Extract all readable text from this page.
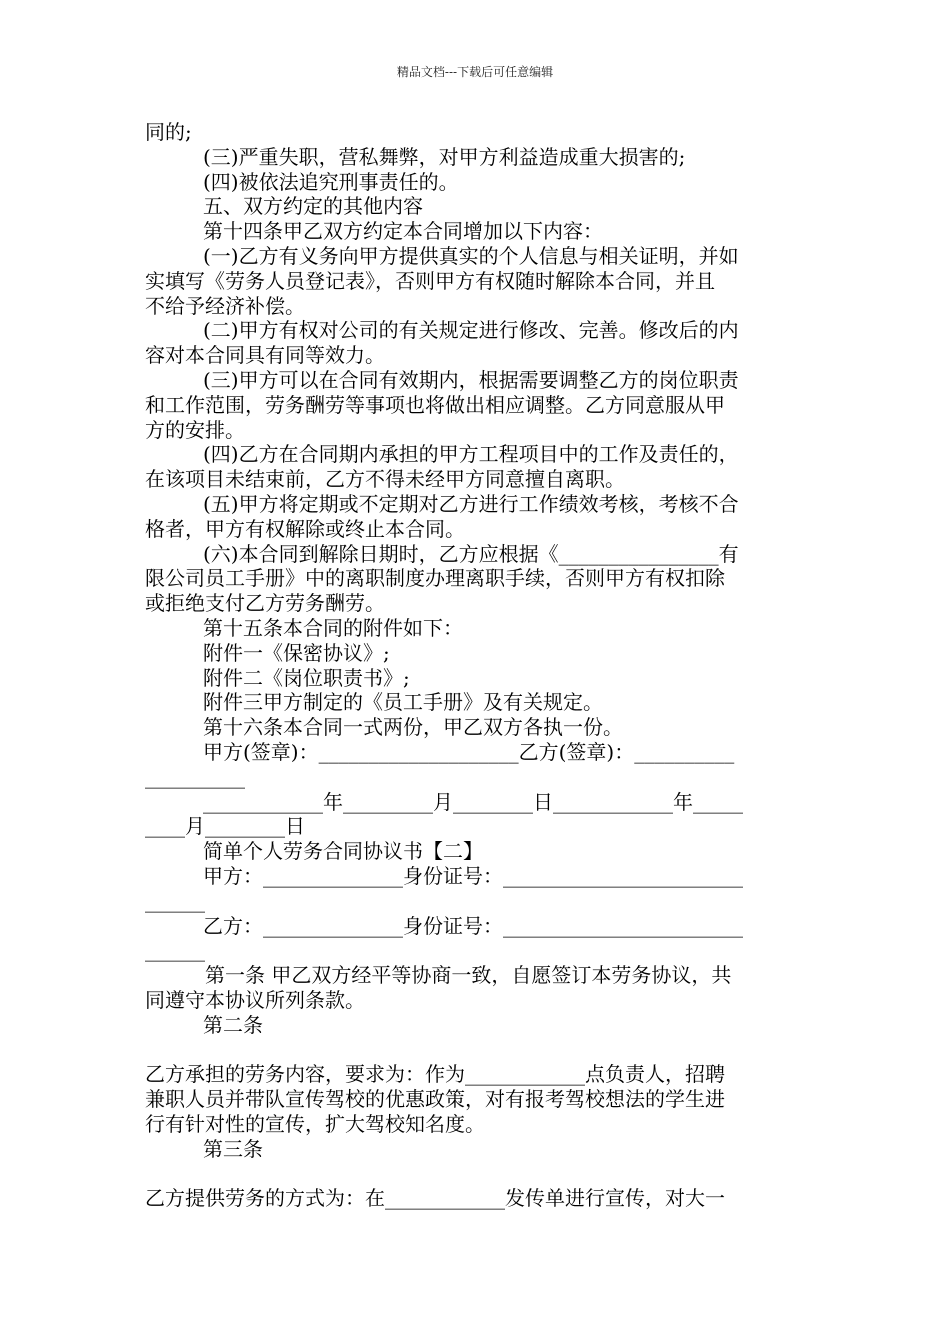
精品文档---下载后可任意编辑
同的;
(三)严重失职，营私舞弊，对甲方利益造成重大损害的;
(四)被依法追究刑事责任的。
五、双方约定的其他内容
第十四条甲乙双方约定本合同增加以下内容：
(一)乙方有义务向甲方提供真实的个人信息与相关证明，并如
实填写《劳务人员登记表》，否则甲方有权随时解除本合同，并且
不给予经济补偿。
(二)甲方有权对公司的有关规定进行修改、完善。修改后的内
容对本合同具有同等效力。
(三)甲方可以在合同有效期内，根据需要调整乙方的岗位职责
和工作范围，劳务酬劳等事项也将做出相应调整。乙方同意服从甲
方的安排。
(四)乙方在合同期内承担的甲方工程项目中的工作及责任的，
在该项目未结束前，乙方不得未经甲方同意擅自离职。
(五)甲方将定期或不定期对乙方进行工作绩效考核，考核不合
格者，甲方有权解除或终止本合同。
(六)本合同到解除日期时，乙方应根据《________________有
限公司员工手册》中的离职制度办理离职手续，否则甲方有权扣除
或拒绝支付乙方劳务酬劳。
第十五条本合同的附件如下：
附件一《保密协议》;
附件二《岗位职责书》;
附件三甲方制定的《员工手册》及有关规定。
第十六条本合同一式两份，甲乙双方各执一份。
甲方(签章)：____________________乙方(签章)：__________
__________
____________年_________月________日____________年_____
____月________日
简单个人劳务合同协议书【二】
甲方：______________身份证号：________________________
______
乙方：______________身份证号：________________________
______
第一条 甲乙双方经平等协商一致，自愿签订本劳务协议，共
同遵守本协议所列条款。
第二条
乙方承担的劳务内容，要求为：作为____________点负责人，招聘
兼职人员并带队宣传驾校的优惠政策，对有报考驾校想法的学生进
行有针对性的宣传，扩大驾校知名度。
第三条
乙方提供劳务的方式为：在____________发传单进行宣传，对大一
